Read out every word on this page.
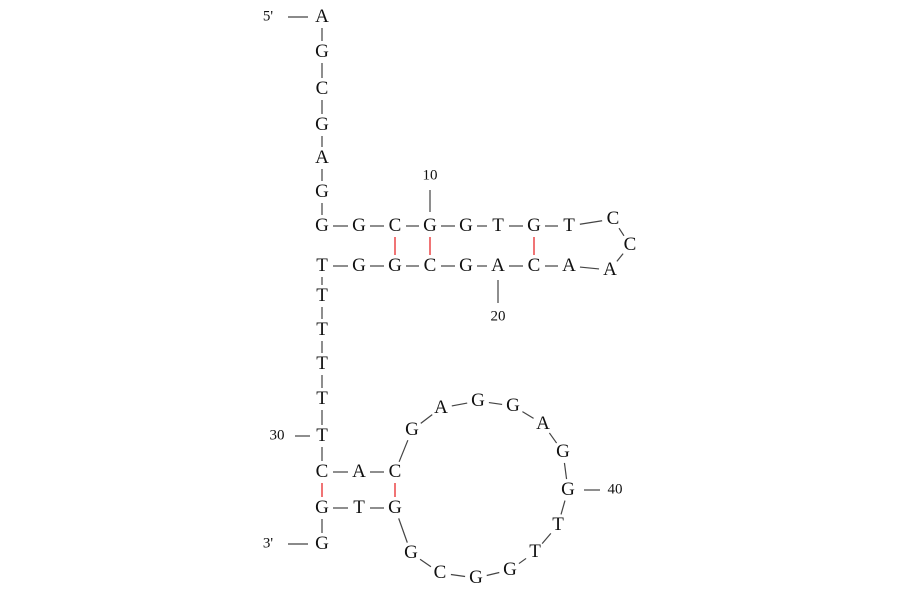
A
G
C
G
A
G
G G C G G T G T C
C
A
A
C
A
G
C
G
G
T
T
T
T
T
T
C A C
G
A G G
A
G
G
T
T
G
G
C
G
G
T
G
G
5'
3'
10
20
30
40
